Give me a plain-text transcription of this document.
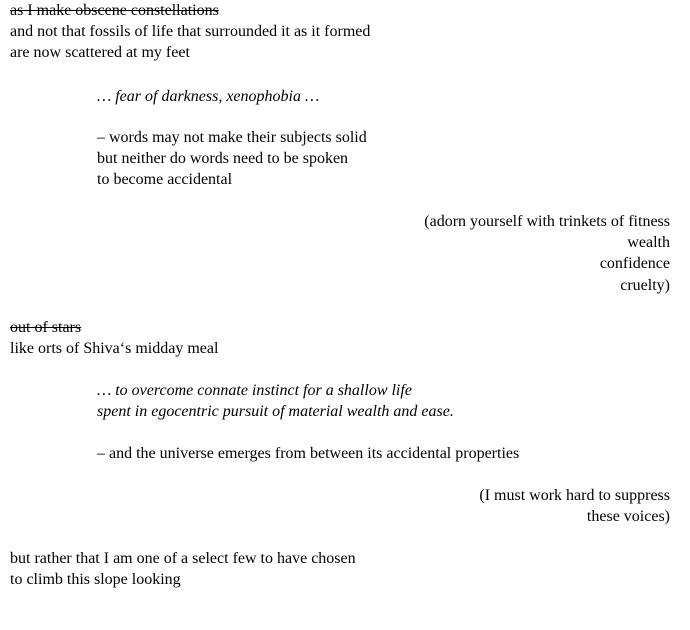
as I make obscene constellations
and not that fossils of life that surrounded it as it formed
are now scattered at my feet
… fear of darkness, xenophobia …
– words may not make their subjects solid
but neither do words need to be spoken
to become accidental
(adorn yourself with trinkets of fitness
wealth
confidence
cruelty)
out of stars
like orts of Shiva‘s midday meal
… to overcome connate instinct for a shallow life
spent in egocentric pursuit of material wealth and ease.
– and the universe emerges from between its accidental properties
(I must work hard to suppress
these voices)
but rather that I am one of a select few to have chosen
to climb this slope looking
